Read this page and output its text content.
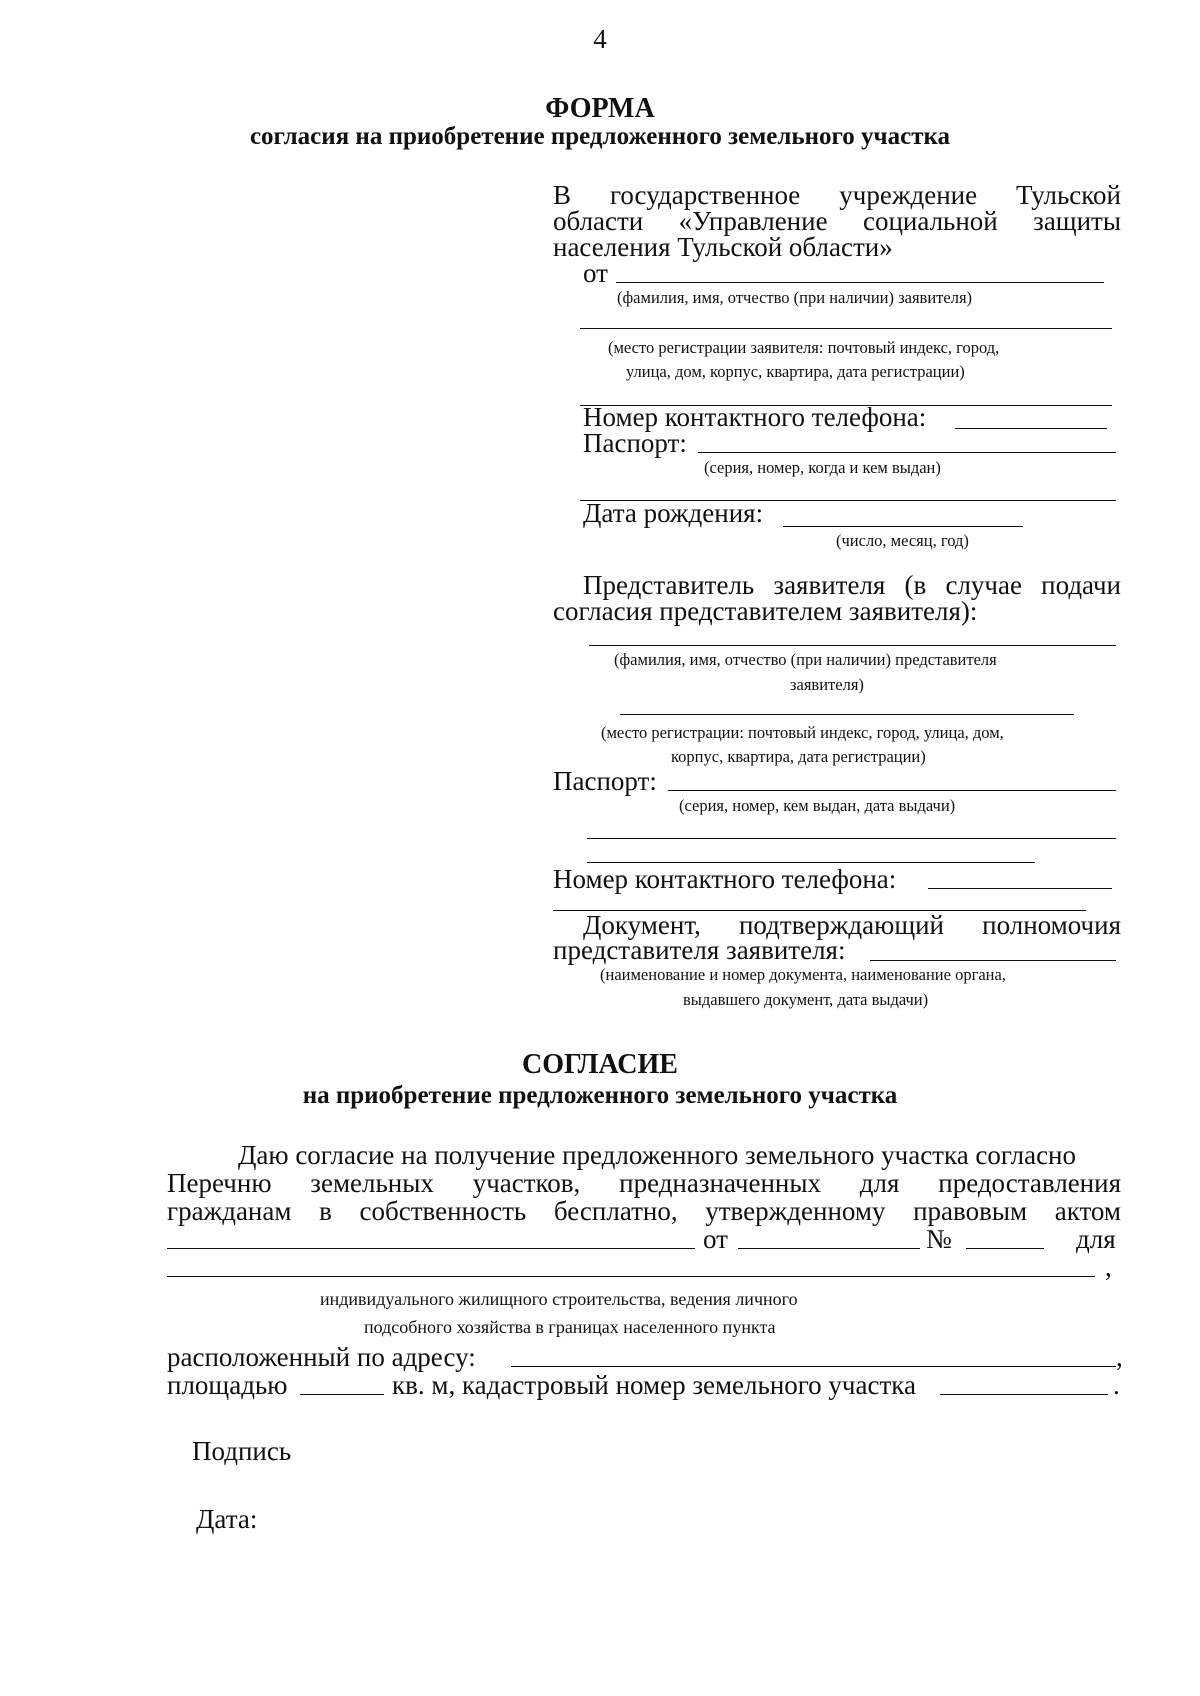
4
ФОРМА
согласия на приобретение предложенного земельного участка
В государственное учреждение Тульской
области «Управление социальной защиты
населения Тульской области»
от
(фамилия, имя, отчество (при наличии) заявителя)
(место регистрации заявителя: почтовый индекс, город,
улица, дом, корпус, квартира, дата регистрации)
Номер контактного телефона:
Паспорт:
(серия, номер, когда и кем выдан)
Дата рождения:
(число, месяц, год)
Представитель заявителя (в случае подачи
согласия представителем заявителя):
(фамилия, имя, отчество (при наличии) представителя
заявителя)
(место регистрации: почтовый индекс, город, улица, дом,
корпус, квартира, дата регистрации)
Паспорт:
(серия, номер, кем выдан, дата выдачи)
Номер контактного телефона:
Документ, подтверждающий полномочия
представителя заявителя:
(наименование и номер документа, наименование органа,
выдавшего документ, дата выдачи)
СОГЛАСИЕ
на приобретение предложенного земельного участка
Даю согласие на получение предложенного земельного участка согласно
Перечню земельных участков, предназначенных для предоставления
гражданам в собственность бесплатно, утвержденному правовым актом
от	№	для
,
индивидуального жилищного строительства, ведения личного
подсобного хозяйства в границах населенного пункта
расположенный по адресу:	,
площадью	кв. м, кадастровый номер земельного участка	.
Подпись
Дата:
